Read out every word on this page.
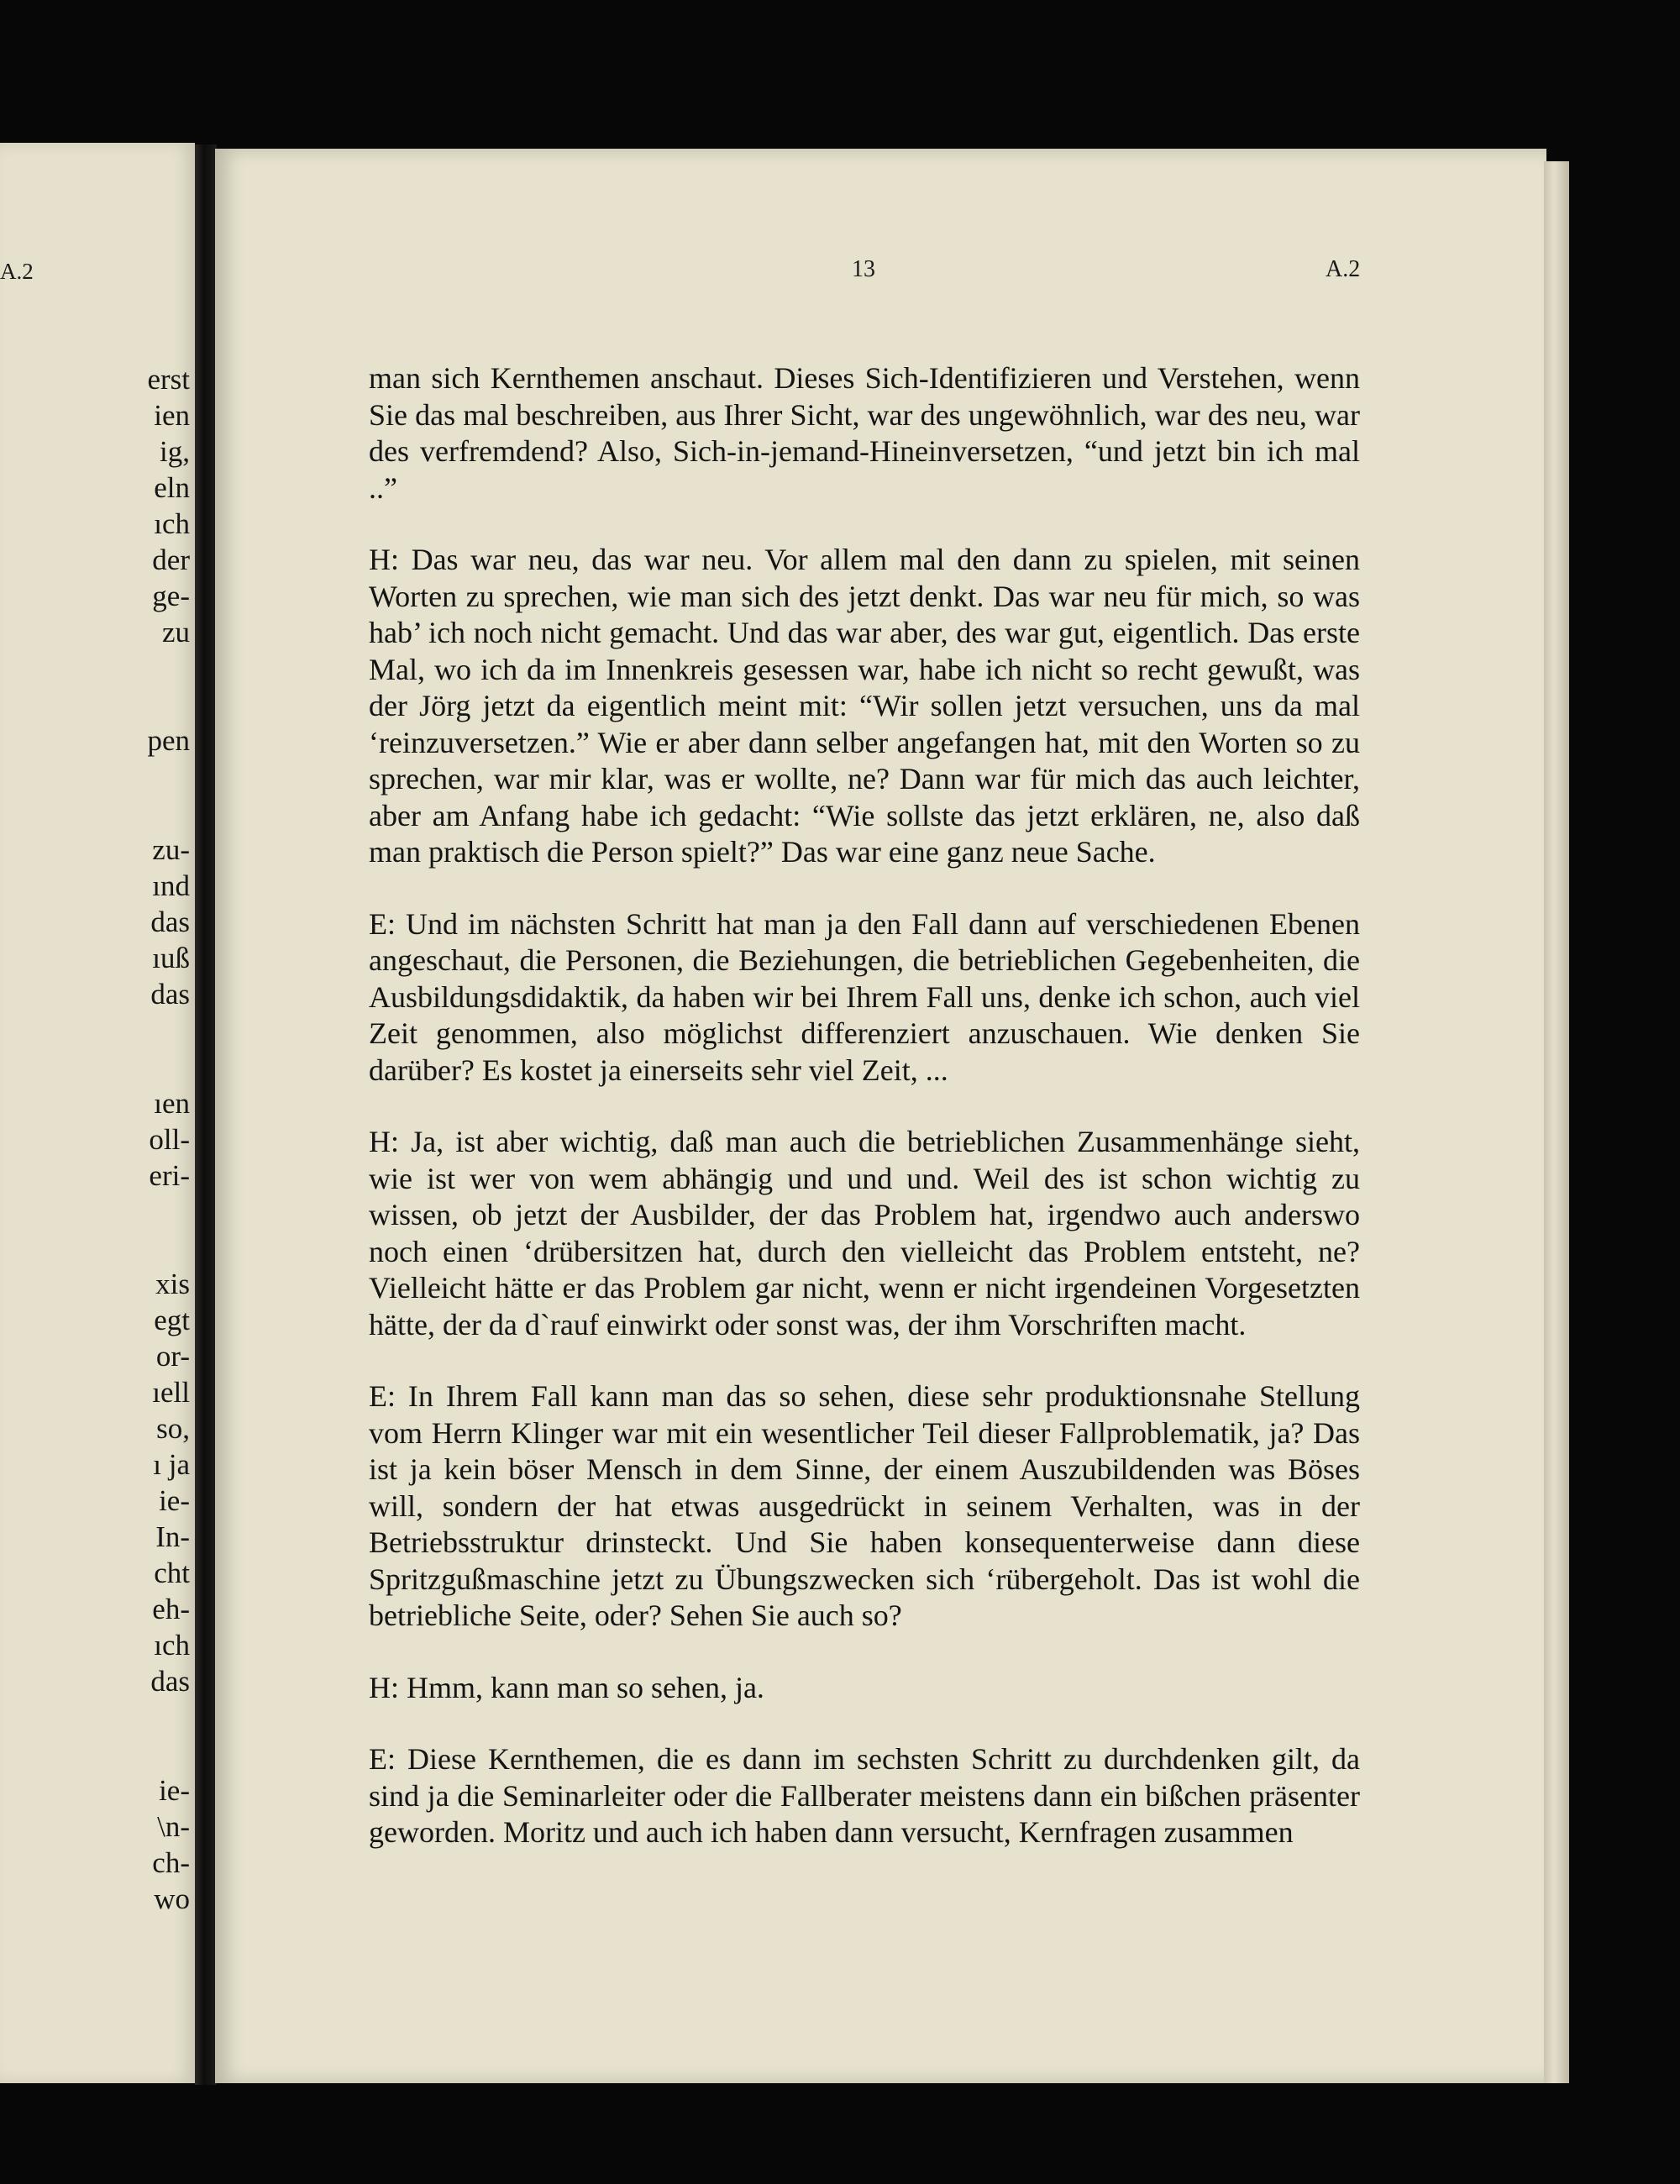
A.2
erst
ien
ig,
eln
ıch
der
ge-
zu
pen
zu-
ınd
das
ıuß
das
ıen
oll-
eri-
xis
egt
or-
ıell
so,
ı ja
ie-
In-
cht
eh-
ıch
das
ie-
\n-
ch-
wo
13	A.2

man sich Kernthemen anschaut. Dieses Sich-Identifizieren und Verstehen, wenn Sie das mal beschreiben, aus Ihrer Sicht, war des ungewöhnlich, war des neu, war des verfremdend? Also, Sich-in-jemand-Hineinversetzen, “und jetzt bin ich mal ..”

H: Das war neu, das war neu. Vor allem mal den dann zu spielen, mit seinen Worten zu sprechen, wie man sich des jetzt denkt. Das war neu für mich, so was hab’ ich noch nicht gemacht. Und das war aber, des war gut, eigentlich. Das erste Mal, wo ich da im Innenkreis gesessen war, habe ich nicht so recht gewußt, was der Jörg jetzt da eigentlich meint mit: “Wir sollen jetzt versuchen, uns da mal ‘reinzuversetzen.” Wie er aber dann selber angefangen hat, mit den Worten so zu sprechen, war mir klar, was er wollte, ne? Dann war für mich das auch leichter, aber am Anfang habe ich gedacht: “Wie sollste das jetzt erklären, ne, also daß man praktisch die Person spielt?” Das war eine ganz neue Sache.

E: Und im nächsten Schritt hat man ja den Fall dann auf verschiedenen Ebenen angeschaut, die Personen, die Beziehungen, die betrieblichen Gegebenheiten, die Ausbildungsdidaktik, da haben wir bei Ihrem Fall uns, denke ich schon, auch viel Zeit genommen, also möglichst differenziert anzuschauen. Wie denken Sie darüber? Es kostet ja einerseits sehr viel Zeit, ...

H: Ja, ist aber wichtig, daß man auch die betrieblichen Zusammenhänge sieht, wie ist wer von wem abhängig und und und. Weil des ist schon wichtig zu wissen, ob jetzt der Ausbilder, der das Problem hat, irgendwo auch anderswo noch einen ‘drübersitzen hat, durch den vielleicht das Problem entsteht, ne? Vielleicht hätte er das Problem gar nicht, wenn er nicht irgendeinen Vorgesetzten hätte, der da d`rauf einwirkt oder sonst was, der ihm Vorschriften macht.

E: In Ihrem Fall kann man das so sehen, diese sehr produktionsnahe Stellung vom Herrn Klinger war mit ein wesentlicher Teil dieser Fallproblematik, ja? Das ist ja kein böser Mensch in dem Sinne, der einem Auszubildenden was Böses will, sondern der hat etwas ausgedrückt in seinem Verhalten, was in der Betriebsstruktur drinsteckt. Und Sie haben konsequenterweise dann diese Spritzgußmaschine jetzt zu Übungszwecken sich ‘rübergeholt. Das ist wohl die betriebliche Seite, oder? Sehen Sie auch so?

H: Hmm, kann man so sehen, ja.

E: Diese Kernthemen, die es dann im sechsten Schritt zu durchdenken gilt, da sind ja die Seminarleiter oder die Fallberater meistens dann ein bißchen präsenter geworden. Moritz und auch ich haben dann versucht, Kernfragen zusammen
